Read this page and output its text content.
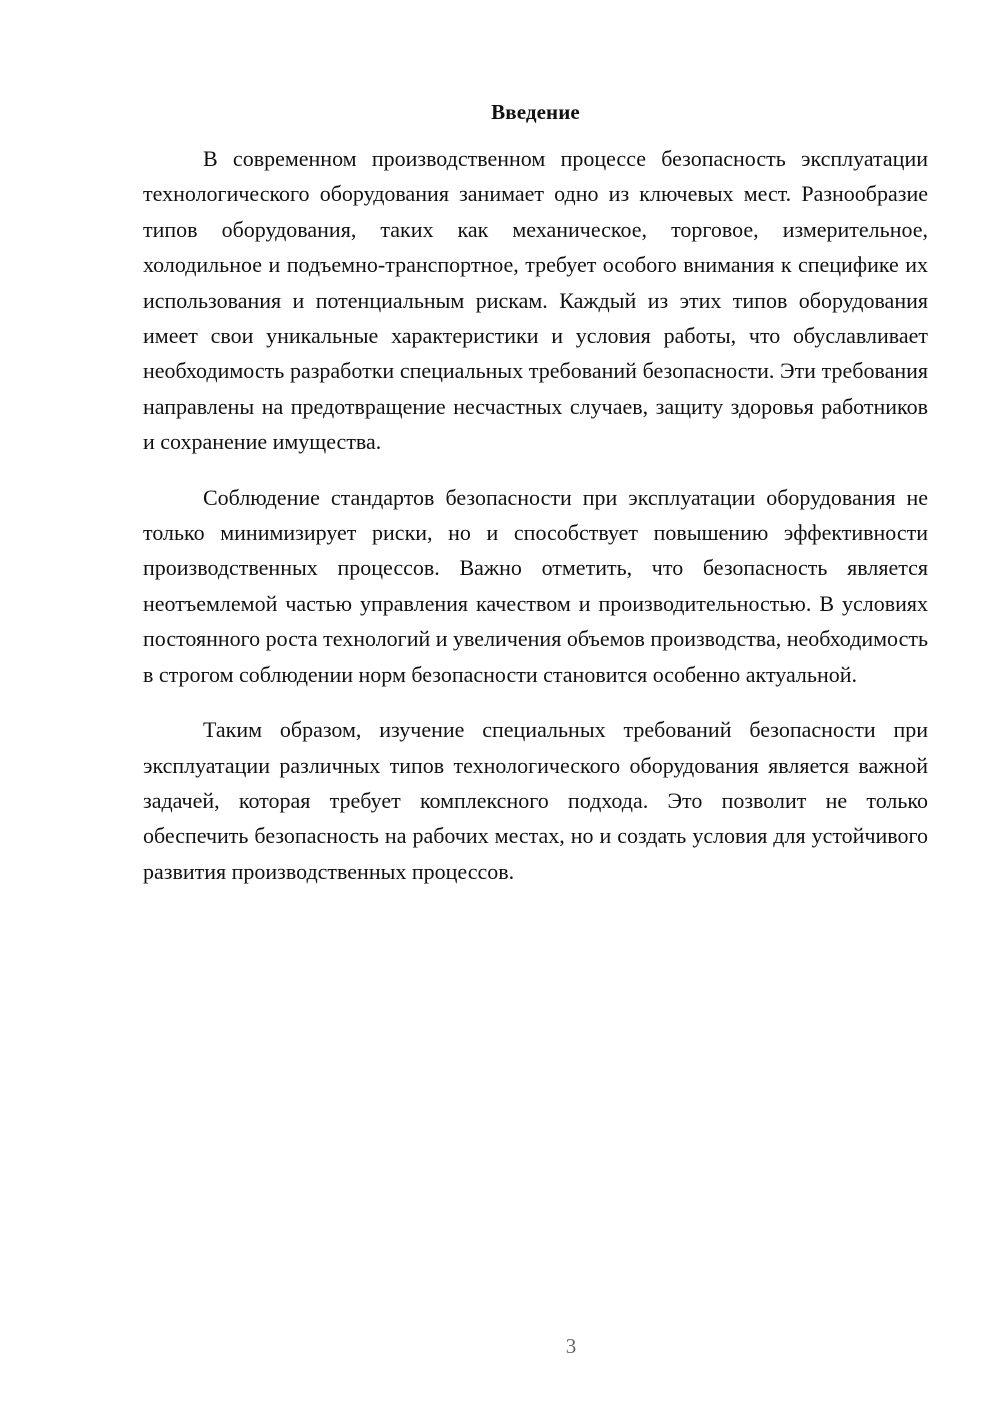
Введение

В современном производственном процессе безопасность эксплуатации технологического оборудования занимает одно из ключевых мест. Разнообразие типов оборудования, таких как механическое, торговое, измерительное, холодильное и подъемно-транспортное, требует особого внимания к специфике их использования и потенциальным рискам. Каждый из этих типов оборудования имеет свои уникальные характеристики и условия работы, что обуславливает необходимость разработки специальных требований безопасности. Эти требования направлены на предотвращение несчастных случаев, защиту здоровья работников и сохранение имущества.

Соблюдение стандартов безопасности при эксплуатации оборудования не только минимизирует риски, но и способствует повышению эффективности производственных процессов. Важно отметить, что безопасность является неотъемлемой частью управления качеством и производительностью. В условиях постоянного роста технологий и увеличения объемов производства, необходимость в строгом соблюдении норм безопасности становится особенно актуальной.

Таким образом, изучение специальных требований безопасности при эксплуатации различных типов технологического оборудования является важной задачей, которая требует комплексного подхода. Это позволит не только обеспечить безопасность на рабочих местах, но и создать условия для устойчивого развития производственных процессов.

3
